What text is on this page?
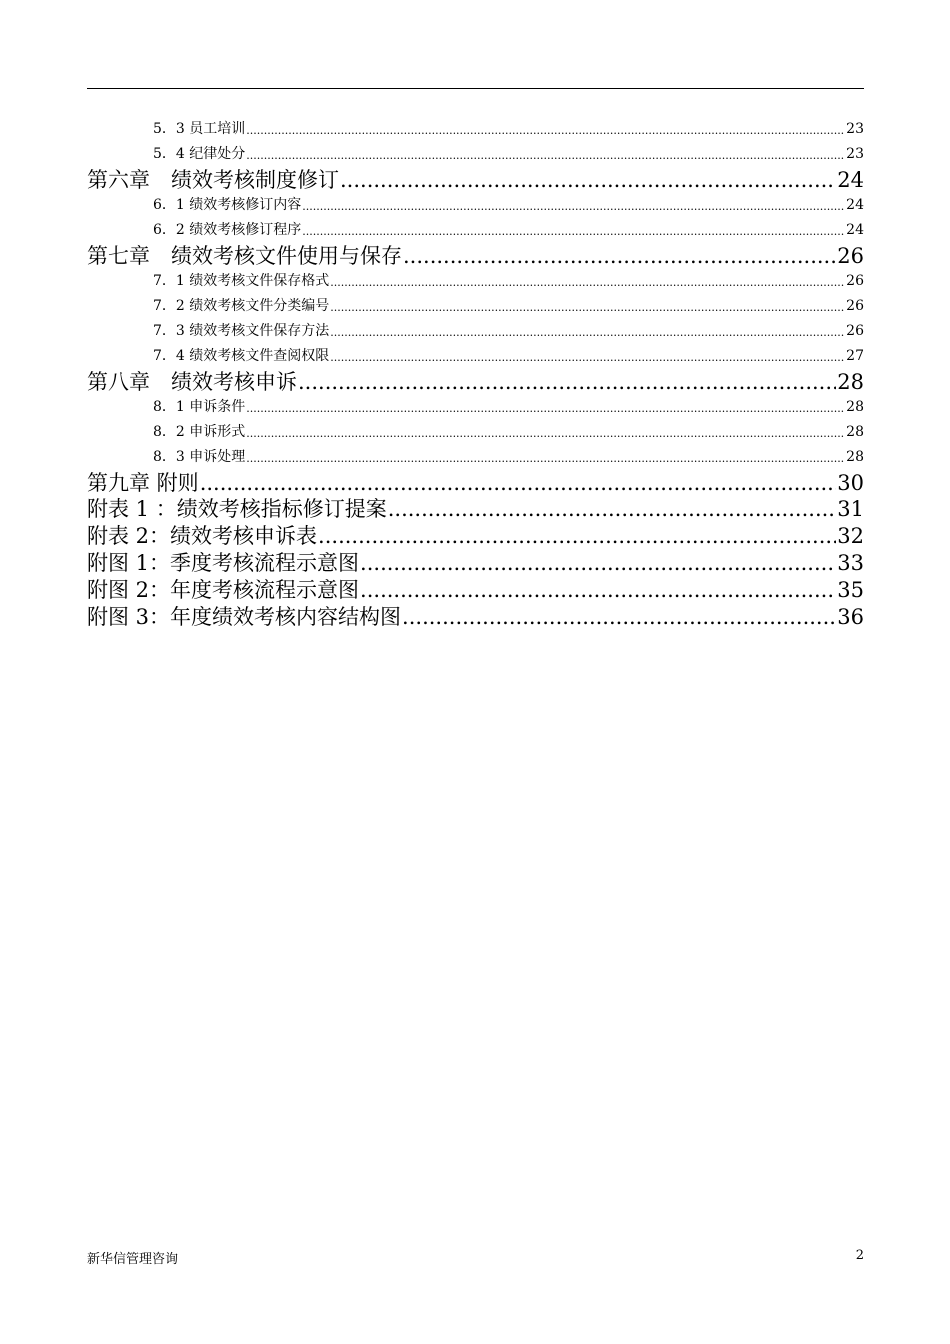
5．3 员工培训 .....	23
5．4 纪律处分 .....	23
第六章　绩效考核制度修订 .....	24
6．1 绩效考核修订内容 .....	24
6．2 绩效考核修订程序 .....	24
第七章　绩效考核文件使用与保存 .....	26
7．1 绩效考核文件保存格式 .....	26
7．2 绩效考核文件分类编号 .....	26
7．3 绩效考核文件保存方法 .....	26
7．4 绩效考核文件查阅权限 .....	27
第八章　绩效考核申诉 .....	28
8．1 申诉条件 .....	28
8．2 申诉形式 .....	28
8．3 申诉处理 .....	28
第九章 附则 .....	30
附表 1 ：绩效考核指标修订提案 .....	31
附表 2：绩效考核申诉表 .....	32
附图 1：季度考核流程示意图 .....	33
附图 2：年度考核流程示意图 .....	35
附图 3：年度绩效考核内容结构图 .....	36
新华信管理咨询	2
